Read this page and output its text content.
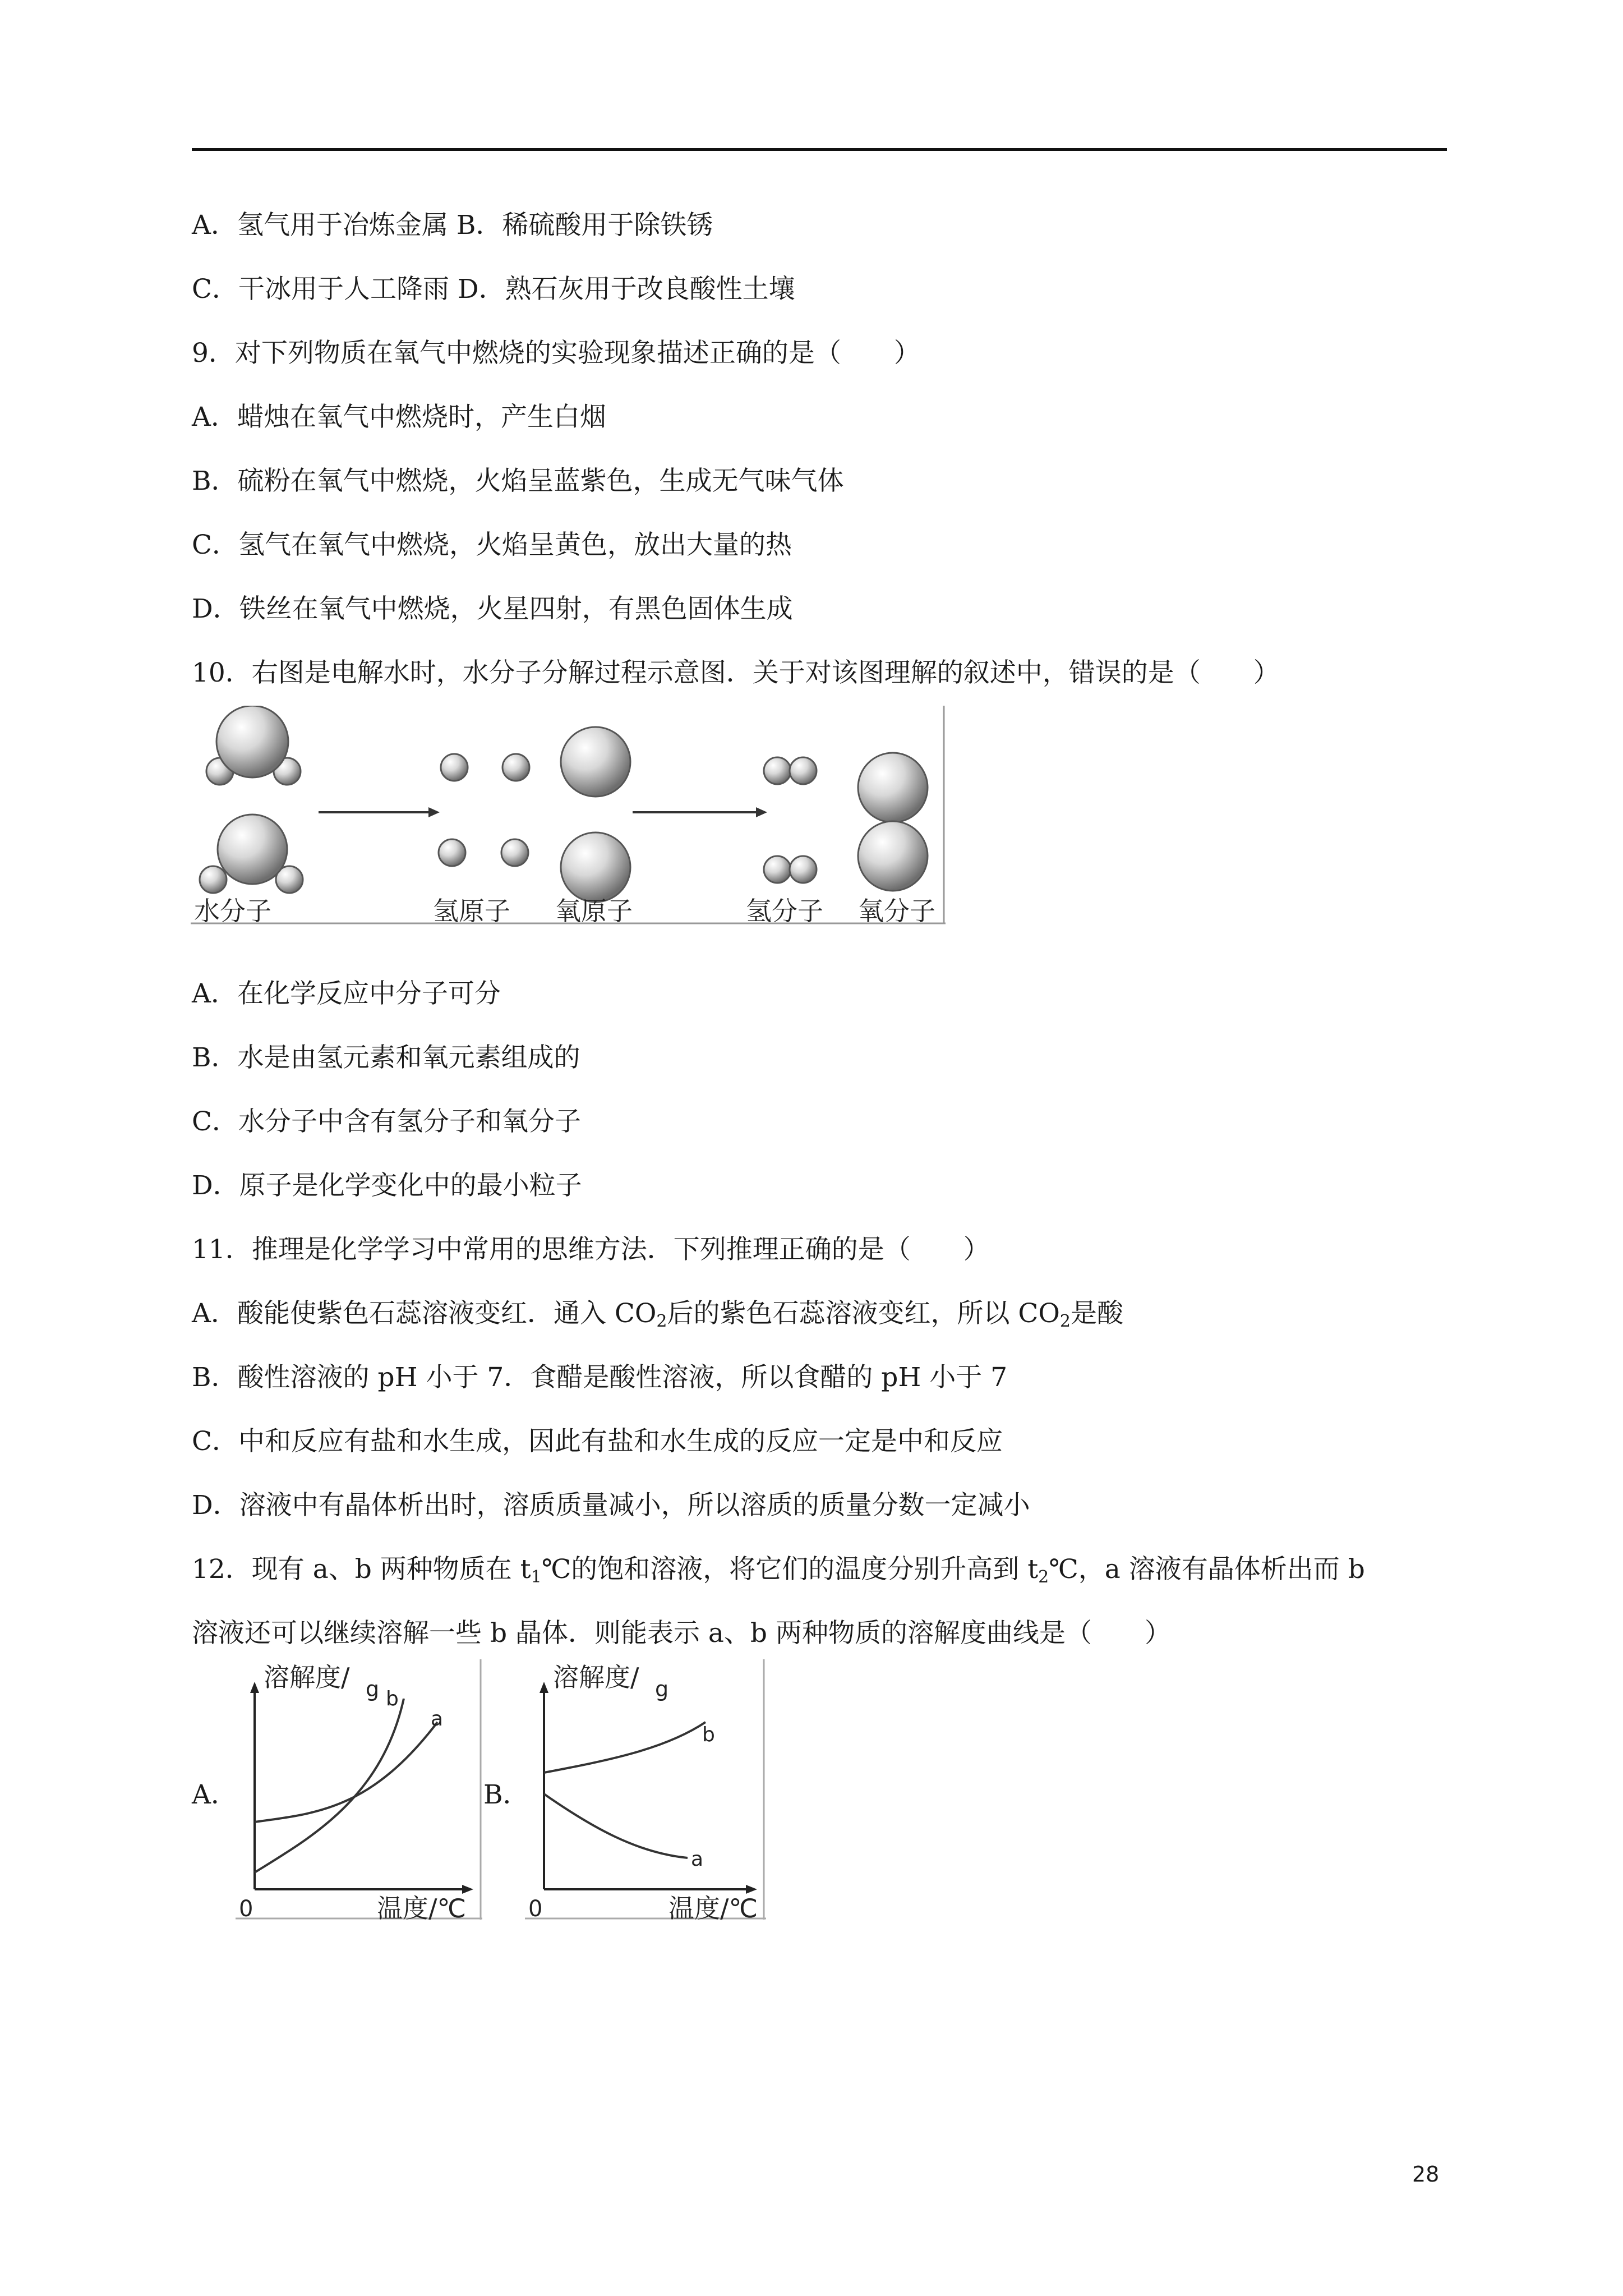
A．氢气用于冶炼金属 B．稀硫酸用于除铁锈
C．干冰用于人工降雨 D．熟石灰用于改良酸性土壤
9．对下列物质在氧气中燃烧的实验现象描述正确的是（　　）
A．蜡烛在氧气中燃烧时，产生白烟
B．硫粉在氧气中燃烧，火焰呈蓝紫色，生成无气味气体
C．氢气在氧气中燃烧，火焰呈黄色，放出大量的热
D．铁丝在氧气中燃烧，火星四射，有黑色固体生成
10．右图是电解水时，水分子分解过程示意图．关于对该图理解的叙述中，错误的是（　　）
水分子	氢原子 氧原子	氢分子 氧分子
A．在化学反应中分子可分
B．水是由氢元素和氧元素组成的
C．水分子中含有氢分子和氧分子
D．原子是化学变化中的最小粒子
11．推理是化学学习中常用的思维方法．下列推理正确的是（　　）
A．酸能使紫色石蕊溶液变红．通入 $CO_2$后的紫色石蕊溶液变红，所以 $CO_2$是酸
B．酸性溶液的 pH 小于 7．食醋是酸性溶液，所以食醋的 pH 小于 7
C．中和反应有盐和水生成，因此有盐和水生成的反应一定是中和反应
D．溶液中有晶体析出时，溶质质量减小，所以溶质的质量分数一定减小
12．现有 a、b 两种物质在 $t_1℃$的饱和溶液，将它们的温度分别升高到 $t_2℃$，a 溶液有晶体析出而 b
溶液还可以继续溶解一些 b 晶体．则能表示 a、b 两种物质的溶解度曲线是（　　）
A．
溶解度/ g b
a
0	温度/℃
B．
溶解度/ g
b
a
0	温度/℃
28
